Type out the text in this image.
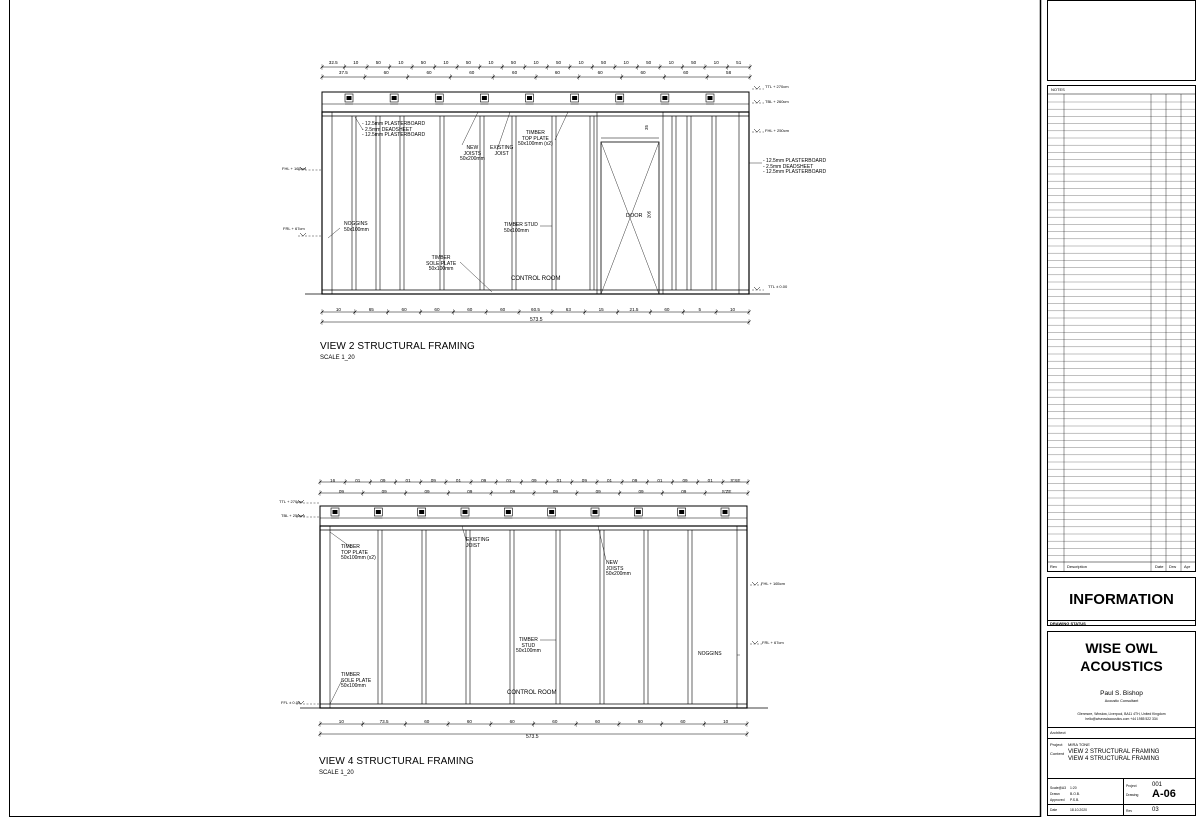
VIEW 2 STRUCTURAL FRAMING
SCALE 1_20
32.5	10	50	10	50	10	50	10	50	10	50	10	50	10	50	10	50	10	51
37.5	60	60	60	60	60	60	60	60	58
10	65	60	60	60	60	60.5	63	15	21.5	60	5	10
573.5
- 12.5mm PLASTERBOARD
- 2.5mm DEADSHEET
- 12.5mm PLASTERBOARD
NEW
JOISTS
50x200mm
EXISTING
JOIST
TIMBER
TOP PLATE
50x100mm (x2)
- 12.5mm PLASTERBOARD
- 2.5mm DEADSHEET
- 12.5mm PLASTERBOARD
NOGGINS
50x100mm
TIMBER STUD
50x100mm
DOOR 205
35
TIMBER
SOLE PLATE
50x100mm
CONTROL ROOM
TTL + 270cm
TBL + 260cm
FHL + 250cm
TTL ± 0.00
FHL + 165cm
FRL + 67cm
VIEW 4 STRUCTURAL FRAMING
SCALE 1_20
16	01	09	01	09	01	09	01	09	01	09	01	09	01	09	01	S'SE
09	09	09	09	09	09	09	09	09	S'ZE
10	73.5	60	60	60	60	60	60	60	10
573.5
TIMBER
TOP PLATE
50x100mm (x2)
EXISTING
JOIST
NEW
JOISTS
50x200mm
TIMBER
STUD
50x100mm	NOGGINS
TIMBER
SOLE PLATE
50x100mm
CONTROL ROOM
TTL + 270cm
TBL + 256cm
FFL ± 0.00
FHL + 165cm
FRL + 67cm
NOTES
Rev Description	Date Drw Apr
INFORMATION
DRAWING STATUS
WISE OWL
ACOUSTICS
Paul S. Bishop
Acoustic Consultant
Glenmore, Winslow, Liverpool, BA11 4TH, United Kingdom
hello@wiseowlacoustics.com +44 1985 522 334
Architect
Project MIRA TONE
Content VIEW 2 STRUCTURAL FRAMING
VIEW 4 STRUCTURAL FRAMING
Scale@A3 1:20
Drawn	B.O.B.
Approved P.S.B.
Date	18.10.2020
Project	001
Drawing A-06
Rev	03
